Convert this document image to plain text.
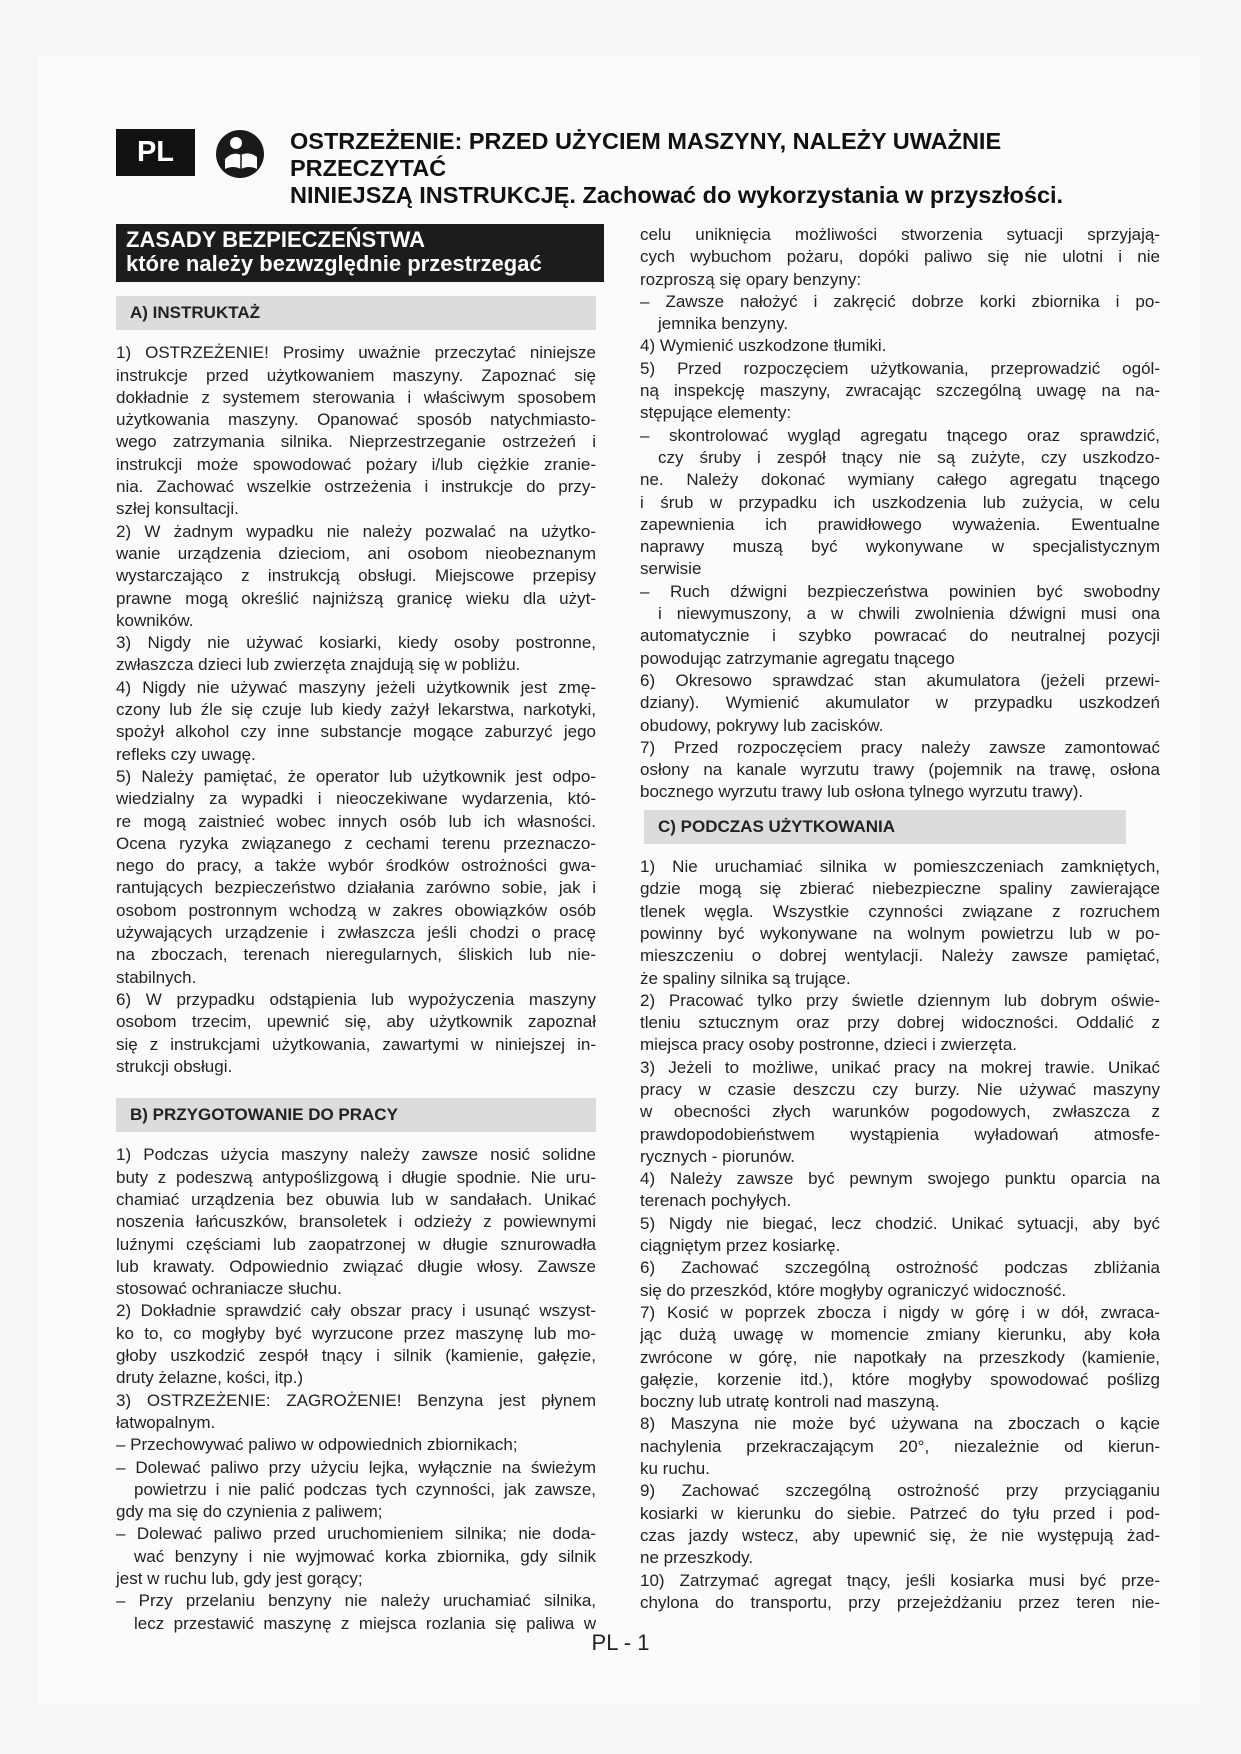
PL	OSTRZEŻENIE: PRZED UŻYCIEM MASZYNY, NALEŻY UWAŻNIE PRZECZYTAĆ
NINIEJSZĄ INSTRUKCJĘ. Zachować do wykorzystania w przyszłości.
ZASADY BEZPIECZEŃSTWA
które należy bezwzględnie przestrzegać
A) INSTRUKTAŻ
1) OSTRZEŻENIE! Prosimy uważnie przeczytać niniejsze
instrukcje przed użytkowaniem maszyny. Zapoznać się
dokładnie z systemem sterowania i właściwym sposobem
użytkowania maszyny. Opanować sposób natychmiasto-
wego zatrzymania silnika. Nieprzestrzeganie ostrzeżeń i
instrukcji może spowodować pożary i/lub ciężkie zranie-
nia. Zachować wszelkie ostrzeżenia i instrukcje do przy-
szłej konsultacji.
2) W żadnym wypadku nie należy pozwalać na użytko-
wanie urządzenia dzieciom, ani osobom nieobeznanym
wystarczająco z instrukcją obsługi. Miejscowe przepisy
prawne mogą określić najniższą granicę wieku dla użyt-
kowników.
3) Nigdy nie używać kosiarki, kiedy osoby postronne,
zwłaszcza dzieci lub zwierzęta znajdują się w pobliżu.
4) Nigdy nie używać maszyny jeżeli użytkownik jest zmę-
czony lub źle się czuje lub kiedy zażył lekarstwa, narkotyki,
spożył alkohol czy inne substancje mogące zaburzyć jego
refleks czy uwagę.
5) Należy pamiętać, że operator lub użytkownik jest odpo-
wiedzialny za wypadki i nieoczekiwane wydarzenia, któ-
re mogą zaistnieć wobec innych osób lub ich własności.
Ocena ryzyka związanego z cechami terenu przeznaczo-
nego do pracy, a także wybór środków ostrożności gwa-
rantujących bezpieczeństwo działania zarówno sobie, jak i
osobom postronnym wchodzą w zakres obowiązków osób
używających urządzenie i zwłaszcza jeśli chodzi o pracę
na zboczach, terenach nieregularnych, śliskich lub nie-
stabilnych.
6) W przypadku odstąpienia lub wypożyczenia maszyny
osobom trzecim, upewnić się, aby użytkownik zapoznał
się z instrukcjami użytkowania, zawartymi w niniejszej in-
strukcji obsługi.
B) PRZYGOTOWANIE DO PRACY
1) Podczas użycia maszyny należy zawsze nosić solidne
buty z podeszwą antypoślizgową i długie spodnie. Nie uru-
chamiać urządzenia bez obuwia lub w sandałach. Unikać
noszenia łańcuszków, bransoletek i odzieży z powiewnymi
luźnymi częściami lub zaopatrzonej w długie sznurowadła
lub krawaty. Odpowiednio związać długie włosy. Zawsze
stosować ochraniacze słuchu.
2) Dokładnie sprawdzić cały obszar pracy i usunąć wszyst-
ko to, co mogłyby być wyrzucone przez maszynę lub mo-
głoby uszkodzić zespół tnący i silnik (kamienie, gałęzie,
druty żelazne, kości, itp.)
3) OSTRZEŻENIE: ZAGROŻENIE! Benzyna jest płynem
łatwopalnym.
– Przechowywać paliwo w odpowiednich zbiornikach;
– Dolewać paliwo przy użyciu lejka, wyłącznie na świeżym
powietrzu i nie palić podczas tych czynności, jak zawsze,
gdy ma się do czynienia z paliwem;
– Dolewać paliwo przed uruchomieniem silnika; nie doda-
wać benzyny i nie wyjmować korka zbiornika, gdy silnik
jest w ruchu lub, gdy jest gorący;
– Przy przelaniu benzyny nie należy uruchamiać silnika,
lecz przestawić maszynę z miejsca rozlania się paliwa w
celu uniknięcia możliwości stworzenia sytuacji sprzyjają-
cych wybuchom pożaru, dopóki paliwo się nie ulotni i nie
rozproszą się opary benzyny:
– Zawsze nałożyć i zakręcić dobrze korki zbiornika i po-
jemnika benzyny.
4) Wymienić uszkodzone tłumiki.
5) Przed rozpoczęciem użytkowania, przeprowadzić ogól-
ną inspekcję maszyny, zwracając szczególną uwagę na na-
stępujące elementy:
– skontrolować wygląd agregatu tnącego oraz sprawdzić,
czy śruby i zespół tnący nie są zużyte, czy uszkodzo-
ne. Należy dokonać wymiany całego agregatu tnącego
i śrub w przypadku ich uszkodzenia lub zużycia, w celu
zapewnienia ich prawidłowego wyważenia. Ewentualne
naprawy muszą być wykonywane w specjalistycznym
serwisie
– Ruch dźwigni bezpieczeństwa powinien być swobodny
i niewymuszony, a w chwili zwolnienia dźwigni musi ona
automatycznie i szybko powracać do neutralnej pozycji
powodując zatrzymanie agregatu tnącego
6) Okresowo sprawdzać stan akumulatora (jeżeli przewi-
dziany). Wymienić akumulator w przypadku uszkodzeń
obudowy, pokrywy lub zacisków.
7) Przed rozpoczęciem pracy należy zawsze zamontować
osłony na kanale wyrzutu trawy (pojemnik na trawę, osłona
bocznego wyrzutu trawy lub osłona tylnego wyrzutu trawy).
C) PODCZAS UŻYTKOWANIA
1) Nie uruchamiać silnika w pomieszczeniach zamkniętych,
gdzie mogą się zbierać niebezpieczne spaliny zawierające
tlenek węgla. Wszystkie czynności związane z rozruchem
powinny być wykonywane na wolnym powietrzu lub w po-
mieszczeniu o dobrej wentylacji. Należy zawsze pamiętać,
że spaliny silnika są trujące.
2) Pracować tylko przy świetle dziennym lub dobrym oświe-
tleniu sztucznym oraz przy dobrej widoczności. Oddalić z
miejsca pracy osoby postronne, dzieci i zwierzęta.
3) Jeżeli to możliwe, unikać pracy na mokrej trawie. Unikać
pracy w czasie deszczu czy burzy. Nie używać maszyny
w obecności złych warunków pogodowych, zwłaszcza z
prawdopodobieństwem wystąpienia wyładowań atmosfe-
rycznych - piorunów.
4) Należy zawsze być pewnym swojego punktu oparcia na
terenach pochyłych.
5) Nigdy nie biegać, lecz chodzić. Unikać sytuacji, aby być
ciągniętym przez kosiarkę.
6) Zachować szczególną ostrożność podczas zbliżania
się do przeszkód, które mogłyby ograniczyć widoczność.
7) Kosić w poprzek zbocza i nigdy w górę i w dół, zwraca-
jąc dużą uwagę w momencie zmiany kierunku, aby koła
zwrócone w górę, nie napotkały na przeszkody (kamienie,
gałęzie, korzenie itd.), które mogłyby spowodować poślizg
boczny lub utratę kontroli nad maszyną.
8) Maszyna nie może być używana na zboczach o kącie
nachylenia przekraczającym 20°, niezależnie od kierun-
ku ruchu.
9) Zachować szczególną ostrożność przy przyciąganiu
kosiarki w kierunku do siebie. Patrzeć do tyłu przed i pod-
czas jazdy wstecz, aby upewnić się, że nie występują żad-
ne przeszkody.
10) Zatrzymać agregat tnący, jeśli kosiarka musi być prze-
chylona do transportu, przy przejeżdżaniu przez teren nie-
PL - 1
